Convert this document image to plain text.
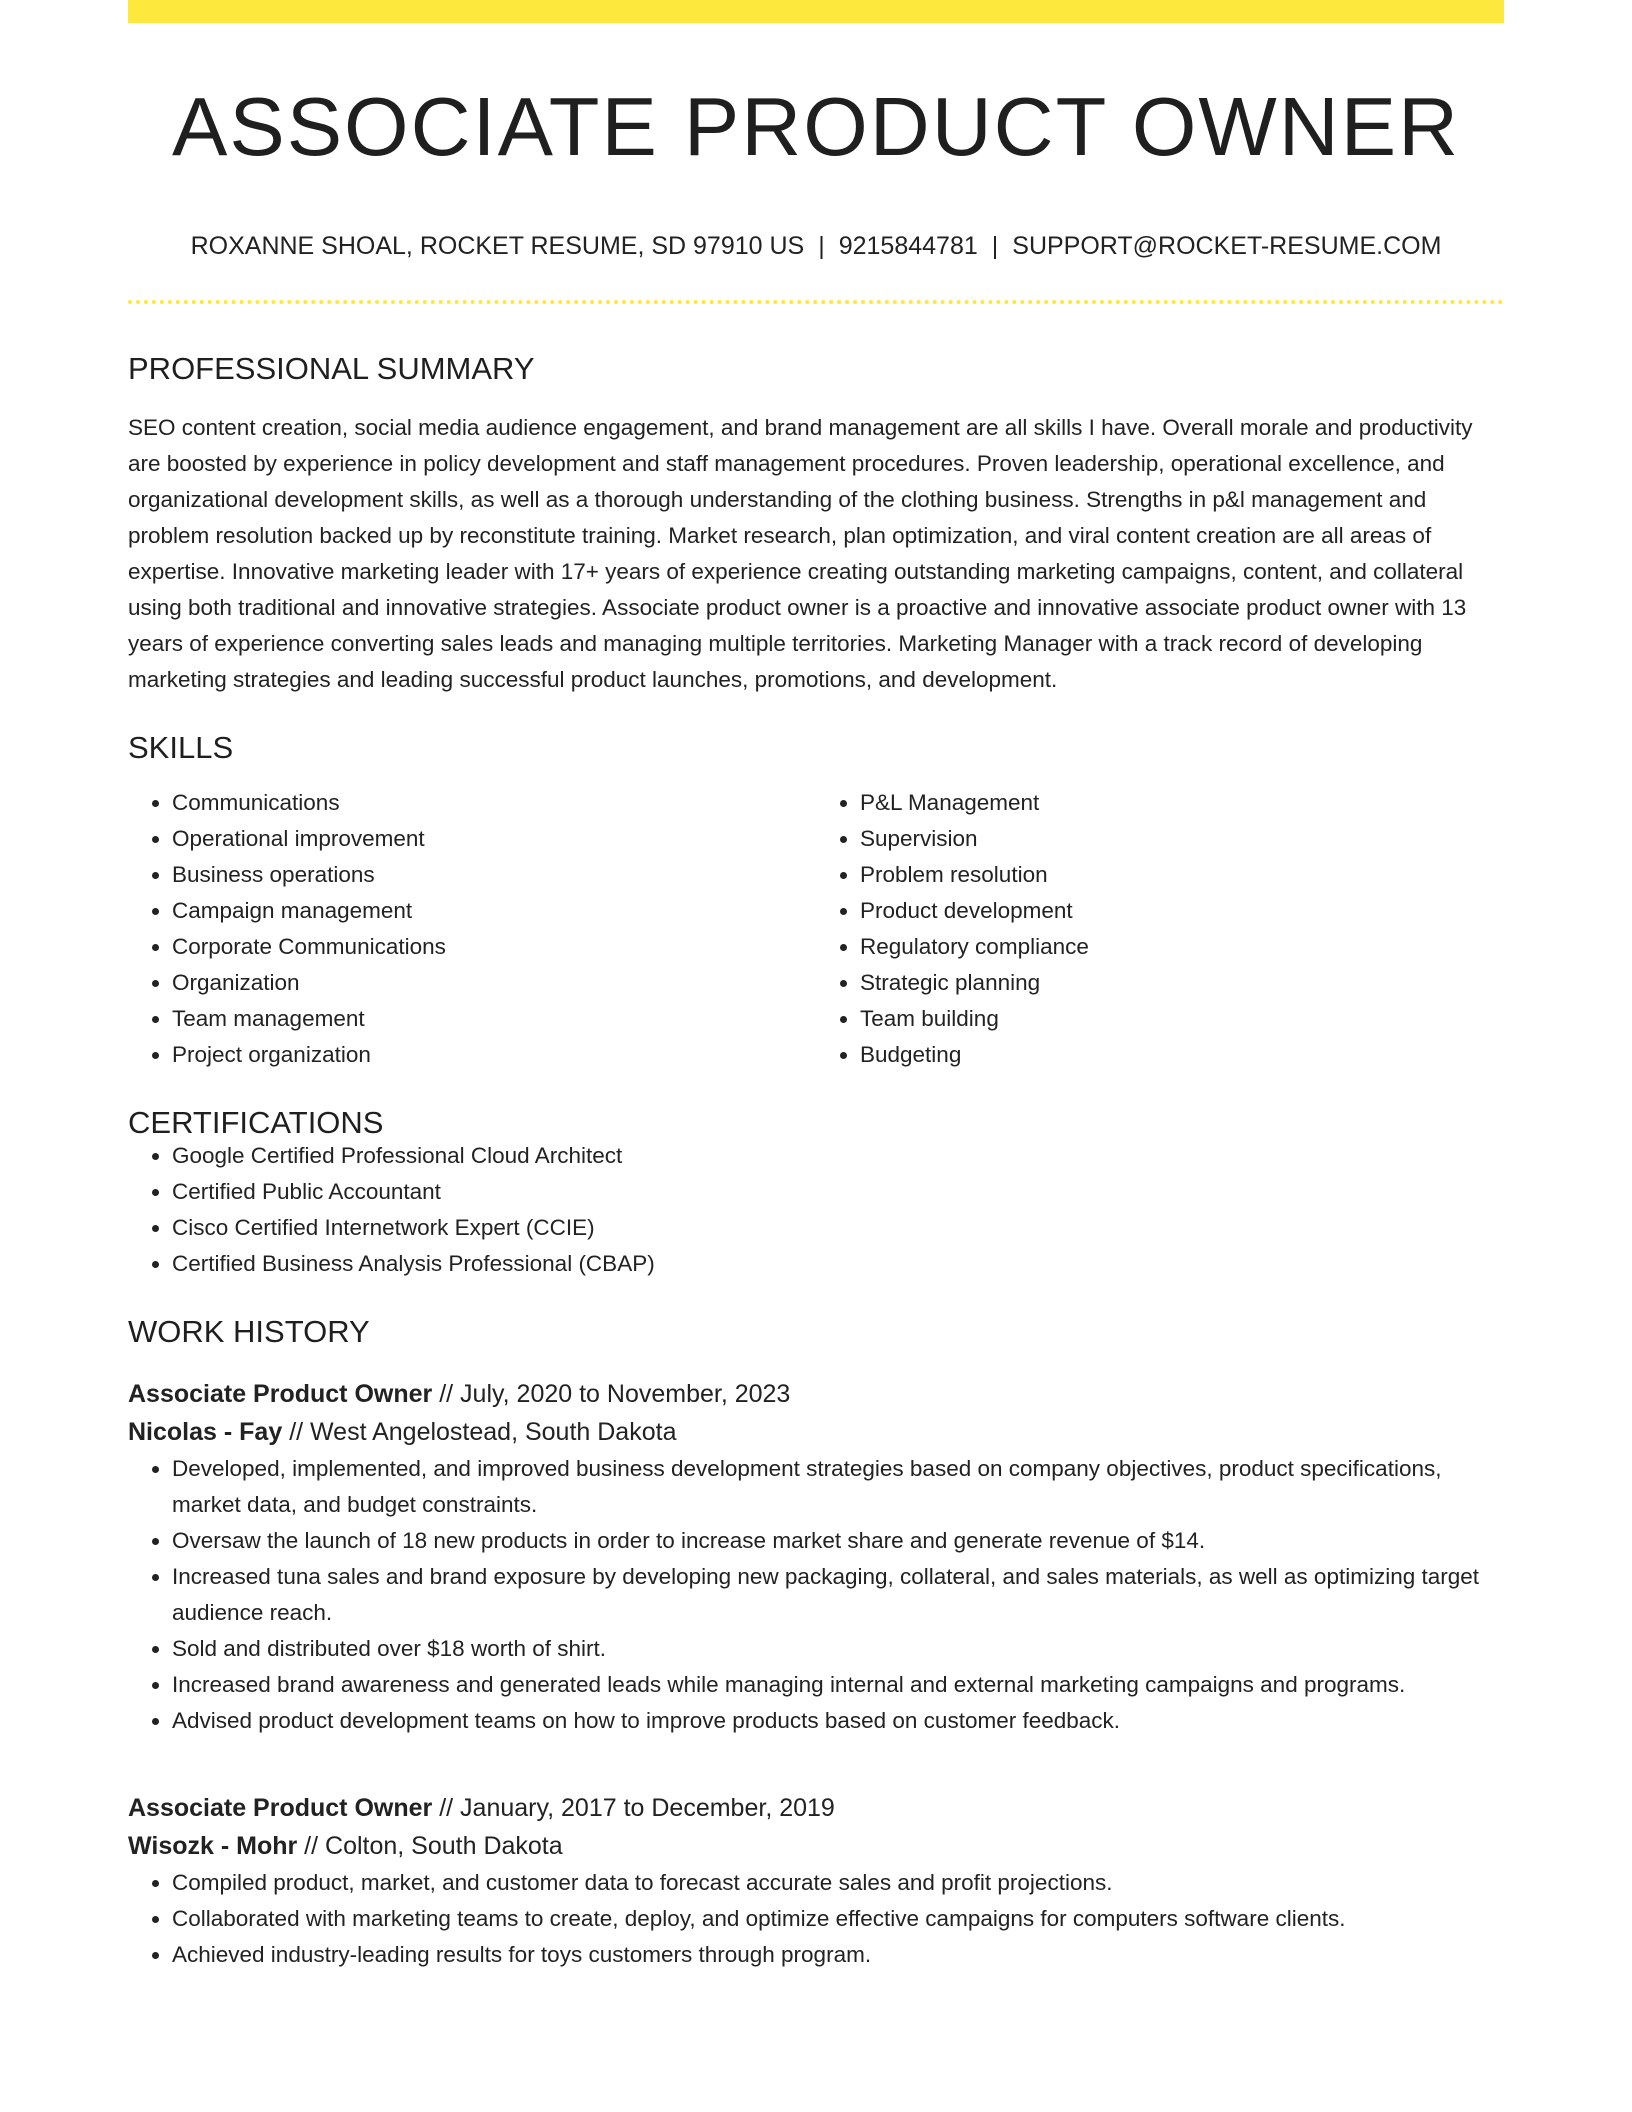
ASSOCIATE PRODUCT OWNER
ROXANNE SHOAL, ROCKET RESUME, SD 97910 US | 9215844781 | SUPPORT@ROCKET-RESUME.COM
PROFESSIONAL SUMMARY

SEO content creation, social media audience engagement, and brand management are all skills I have. Overall morale and productivity are boosted by experience in policy development and staff management procedures. Proven leadership, operational excellence, and organizational development skills, as well as a thorough understanding of the clothing business. Strengths in p&l management and problem resolution backed up by reconstitute training. Market research, plan optimization, and viral content creation are all areas of expertise. Innovative marketing leader with 17+ years of experience creating outstanding marketing campaigns, content, and collateral using both traditional and innovative strategies. Associate product owner is a proactive and innovative associate product owner with 13 years of experience converting sales leads and managing multiple territories. Marketing Manager with a track record of developing marketing strategies and leading successful product launches, promotions, and development.

SKILLS
• Communications
• Operational improvement
• Business operations
• Campaign management
• Corporate Communications
• Organization
• Team management
• Project organization
• P&L Management
• Supervision
• Problem resolution
• Product development
• Regulatory compliance
• Strategic planning
• Team building
• Budgeting
CERTIFICATIONS
• Google Certified Professional Cloud Architect
• Certified Public Accountant
• Cisco Certified Internetwork Expert (CCIE)
• Certified Business Analysis Professional (CBAP)
WORK HISTORY
Associate Product Owner // July, 2020 to November, 2023
Nicolas - Fay // West Angelostead, South Dakota
• Developed, implemented, and improved business development strategies based on company objectives, product specifications, market data, and budget constraints.
• Oversaw the launch of 18 new products in order to increase market share and generate revenue of $14.
• Increased tuna sales and brand exposure by developing new packaging, collateral, and sales materials, as well as optimizing target audience reach.
• Sold and distributed over $18 worth of shirt.
• Increased brand awareness and generated leads while managing internal and external marketing campaigns and programs.
• Advised product development teams on how to improve products based on customer feedback.
Associate Product Owner // January, 2017 to December, 2019
Wisozk - Mohr // Colton, South Dakota
• Compiled product, market, and customer data to forecast accurate sales and profit projections.
• Collaborated with marketing teams to create, deploy, and optimize effective campaigns for computers software clients.
• Achieved industry-leading results for toys customers through program.
